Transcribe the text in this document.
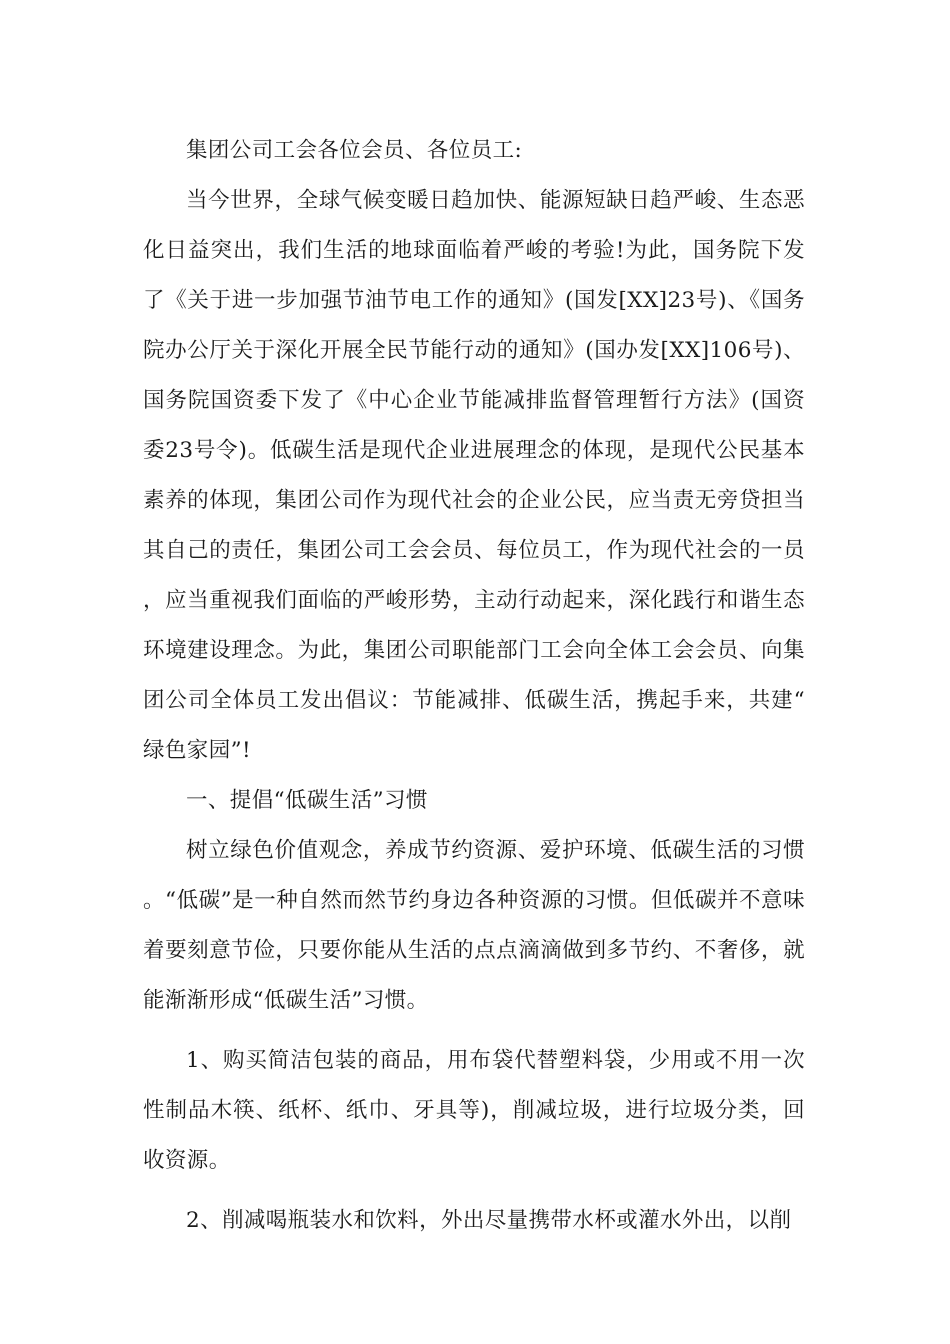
集团公司工会各位会员、各位员工:

当今世界，全球气候变暖日趋加快、能源短缺日趋严峻、生态恶化日益突出，我们生活的地球面临着严峻的考验!为此，国务院下发了《关于进一步加强节油节电工作的通知》(国发[XX]23号)、《国务院办公厅关于深化开展全民节能行动的通知》(国办发[XX]106号)、国务院国资委下发了《中心企业节能减排监督管理暂行方法》(国资委23号令)。低碳生活是现代企业进展理念的体现，是现代公民基本素养的体现，集团公司作为现代社会的企业公民，应当责无旁贷担当其自己的责任，集团公司工会会员、每位员工，作为现代社会的一员，应当重视我们面临的严峻形势，主动行动起来，深化践行和谐生态环境建设理念。为此，集团公司职能部门工会向全体工会会员、向集团公司全体员工发出倡议：节能减排、低碳生活，携起手来，共建“绿色家园”!

一、提倡“低碳生活”习惯

树立绿色价值观念，养成节约资源、爱护环境、低碳生活的习惯。“低碳”是一种自然而然节约身边各种资源的习惯。但低碳并不意味着要刻意节俭，只要你能从生活的点点滴滴做到多节约、不奢侈，就能渐渐形成“低碳生活”习惯。

1、购买简洁包装的商品，用布袋代替塑料袋，少用或不用一次性制品木筷、纸杯、纸巾、牙具等)，削减垃圾，进行垃圾分类，回收资源。

2、削减喝瓶装水和饮料，外出尽量携带水杯或灌水外出，以削
